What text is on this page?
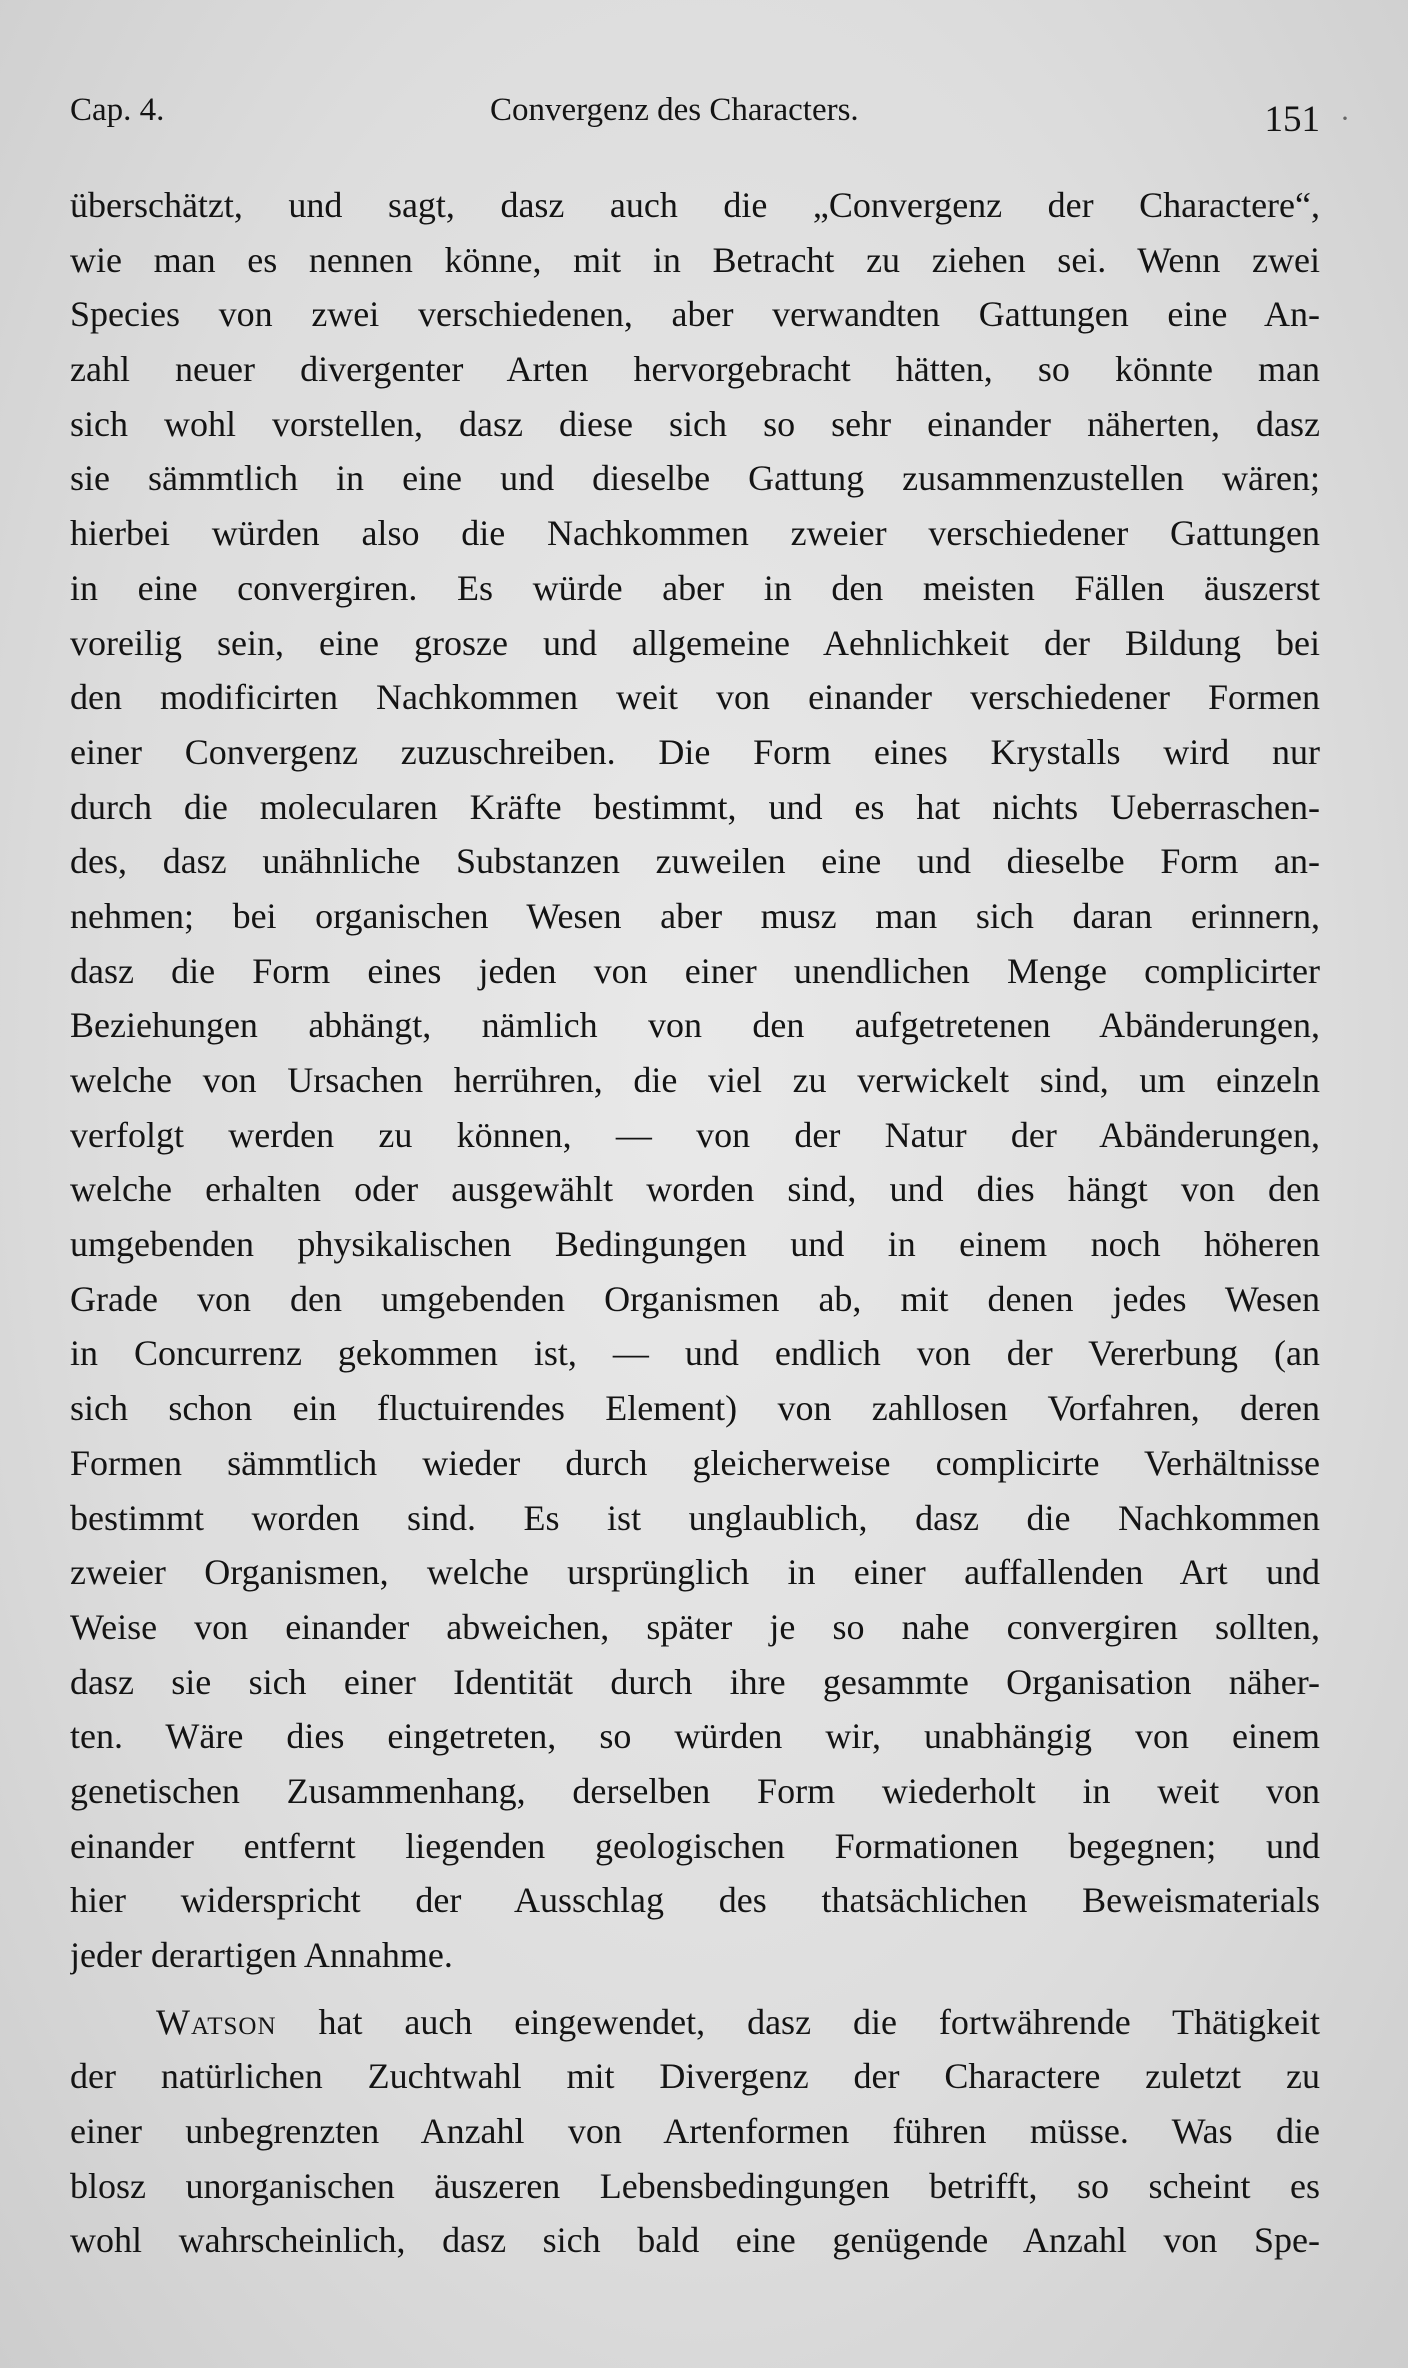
Cap. 4.	Convergenz des Characters.	151 ·
überschätzt, und sagt, dasz auch die „Convergenz der Charactere“,
wie man es nennen könne, mit in Betracht zu ziehen sei. Wenn zwei
Species von zwei verschiedenen, aber verwandten Gattungen eine An-
zahl neuer divergenter Arten hervorgebracht hätten, so könnte man
sich wohl vorstellen, dasz diese sich so sehr einander näherten, dasz
sie sämmtlich in eine und dieselbe Gattung zusammenzustellen wären;
hierbei würden also die Nachkommen zweier verschiedener Gattungen
in eine convergiren. Es würde aber in den meisten Fällen äuszerst
voreilig sein, eine grosze und allgemeine Aehnlichkeit der Bildung bei
den modificirten Nachkommen weit von einander verschiedener Formen
einer Convergenz zuzuschreiben. Die Form eines Krystalls wird nur
durch die molecularen Kräfte bestimmt, und es hat nichts Ueberraschen-
des, dasz unähnliche Substanzen zuweilen eine und dieselbe Form an-
nehmen; bei organischen Wesen aber musz man sich daran erinnern,
dasz die Form eines jeden von einer unendlichen Menge complicirter
Beziehungen abhängt, nämlich von den aufgetretenen Abänderungen,
welche von Ursachen herrühren, die viel zu verwickelt sind, um einzeln
verfolgt werden zu können, — von der Natur der Abänderungen,
welche erhalten oder ausgewählt worden sind, und dies hängt von den
umgebenden physikalischen Bedingungen und in einem noch höheren
Grade von den umgebenden Organismen ab, mit denen jedes Wesen
in Concurrenz gekommen ist, — und endlich von der Vererbung (an
sich schon ein fluctuirendes Element) von zahllosen Vorfahren, deren
Formen sämmtlich wieder durch gleicherweise complicirte Verhältnisse
bestimmt worden sind. Es ist unglaublich, dasz die Nachkommen
zweier Organismen, welche ursprünglich in einer auffallenden Art und
Weise von einander abweichen, später je so nahe convergiren sollten,
dasz sie sich einer Identität durch ihre gesammte Organisation näher-
ten. Wäre dies eingetreten, so würden wir, unabhängig von einem
genetischen Zusammenhang, derselben Form wiederholt in weit von
einander entfernt liegenden geologischen Formationen begegnen; und
hier widerspricht der Ausschlag des thatsächlichen Beweismaterials
jeder derartigen Annahme.
Watson hat auch eingewendet, dasz die fortwährende Thätigkeit
der natürlichen Zuchtwahl mit Divergenz der Charactere zuletzt zu
einer unbegrenzten Anzahl von Artenformen führen müsse. Was die
blosz unorganischen äuszeren Lebensbedingungen betrifft, so scheint es
wohl wahrscheinlich, dasz sich bald eine genügende Anzahl von Spe-
